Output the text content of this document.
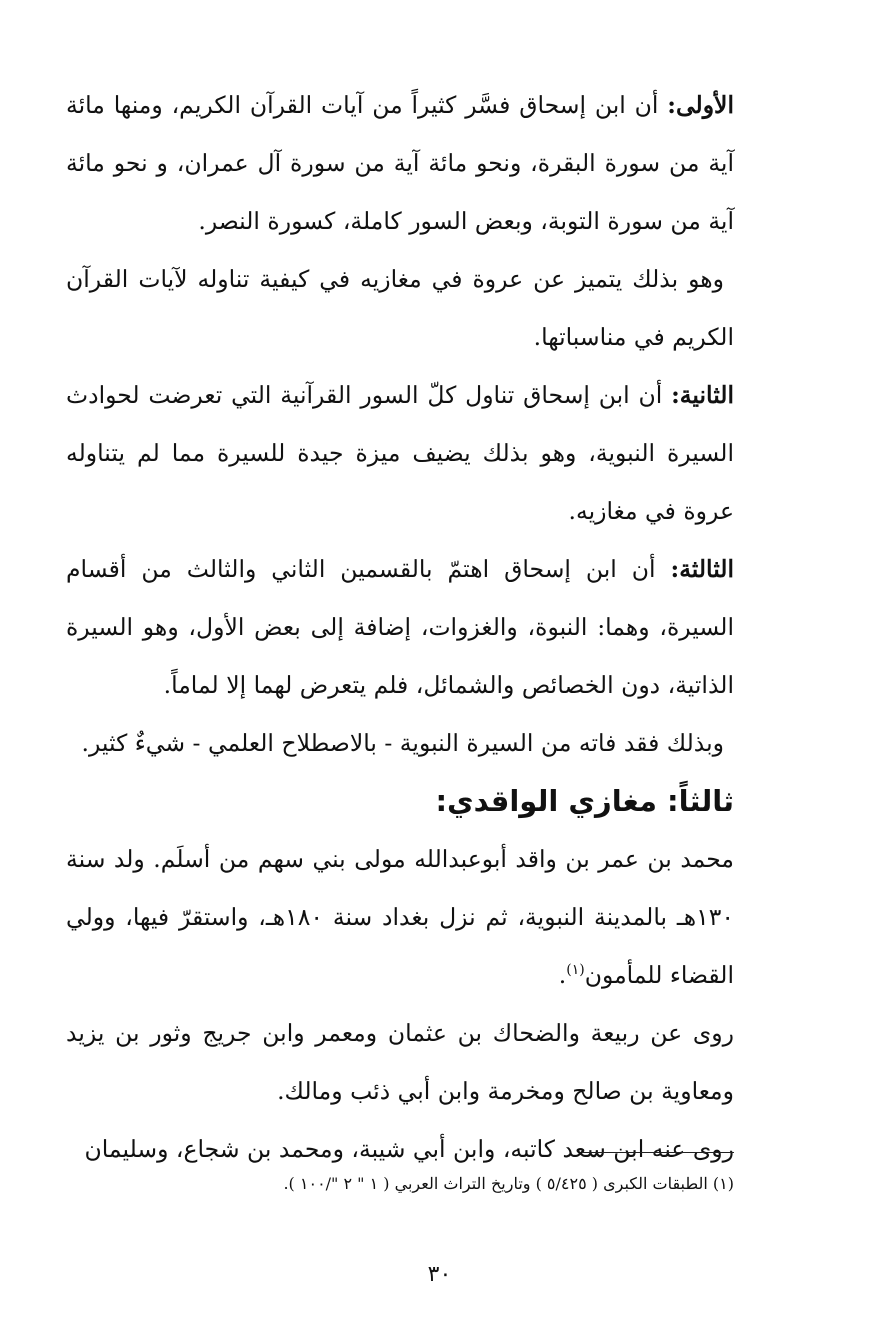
الأولى: أن ابن إسحاق فسَّر كثيراً من آيات القرآن الكريم، ومنها مائة آية من سورة البقرة، ونحو مائة آية من سورة آل عمران، و نحو مائة آية من سورة التوبة، وبعض السور كاملة، كسورة النصر.

وهو بذلك يتميز عن عروة في مغازيه في كيفية تناوله لآيات القرآن الكريم في مناسباتها.

الثانية: أن ابن إسحاق تناول كلّ السور القرآنية التي تعرضت لحوادث السيرة النبوية، وهو بذلك يضيف ميزة جيدة للسيرة مما لم يتناوله عروة في مغازيه.

الثالثة: أن ابن إسحاق اهتمّ بالقسمين الثاني والثالث من أقسام السيرة، وهما: النبوة، والغزوات، إضافة إلى بعض الأول، وهو السيرة الذاتية، دون الخصائص والشمائل، فلم يتعرض لهما إلا لماماً.

وبذلك فقد فاته من السيرة النبوية - بالاصطلاح العلمي - شيءٌ كثير.

ثالثاً: مغازي الواقدي:

محمد بن عمر بن واقد أبوعبدالله مولى بني سهم من أسلَم. ولد سنة ١٣٠هـ بالمدينة النبوية، ثم نزل بغداد سنة ١٨٠هـ، واستقرّ فيها، وولي القضاء للمأمون$^{(١)}$.

روى عن ربيعة والضحاك بن عثمان ومعمر وابن جريج وثور بن يزيد ومعاوية بن صالح ومخرمة وابن أبي ذئب ومالك.

روى عنه ابن سعد كاتبه، وابن أبي شيبة، ومحمد بن شجاع، وسليمان

(١) الطبقات الكبرى ( ٥/٤٢٥ ) وتاريخ التراث العربي ( ١ " ٢ "/١٠٠ ).
٣٠
